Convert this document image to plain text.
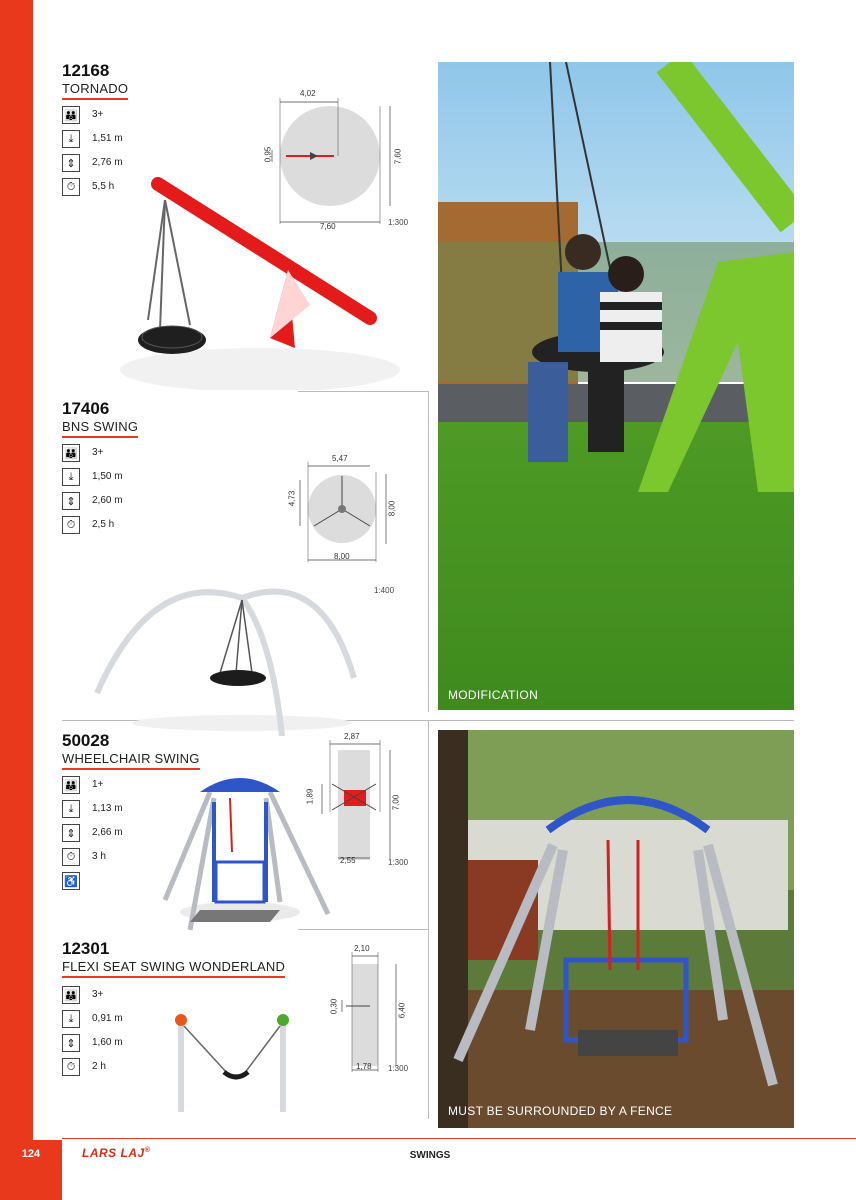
124	LARS LAJ®	SWINGS
12168
TORNADO
👪 3+
⤓	1,51 m
⇕	2,76 m
⏱	5,5 h
4,02
0,95	7,60
7,60	1:300
17406
BNS SWING
👪 3+
⤓	1,50 m
⇕	2,60 m
⏱	2,5 h
5,47
4,73
8,00
8,00
1:400
50028
WHEELCHAIR SWING
👪 1+
⤓	1,13 m
⇕	2,66 m
⏱	3 h
♿
2,87
1,89	7,00
2,55	1:300
12301
FLEXI SEAT SWING WONDERLAND
👪 3+
⤓	0,91 m
⇕	1,60 m
⏱	2 h
2,10
0,30	6,40
1,78 1:300
MODIFICATION
MUST BE SURROUNDED BY A FENCE
